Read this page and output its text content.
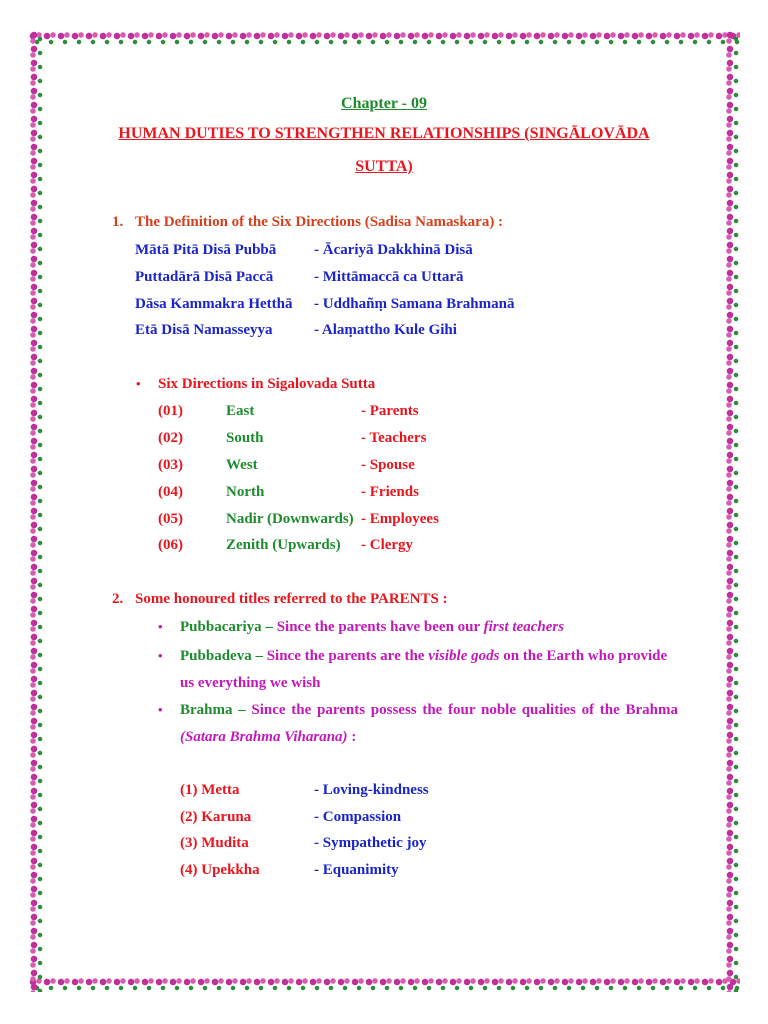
Chapter - 09
HUMAN DUTIES TO STRENGTHEN RELATIONSHIPS (SINGĀLOVĀDA
SUTTA)
1. The Definition of the Six Directions (Sadisa Namaskara) :
Mātā Pitā Disā Pubbā	- Ācariyā Dakkhinā Disā
Puttadārā Disā Paccā	- Mittāmaccā ca Uttarā
Dāsa Kammakra Hetthā - Uddhañṃ Samana Brahmanā
Etā Disā Namasseyya	- Alaṃattho Kule Gihi
• Six Directions in Sigalovada Sutta
(01)	East	- Parents
(02)	South	- Teachers
(03)	West	- Spouse
(04)	North	- Friends
(05)	Nadir (Downwards) - Employees
(06)	Zenith (Upwards) - Clergy
2. Some honoured titles referred to the PARENTS :
• Pubbacariya – Since the parents have been our first teachers
• Pubbadeva – Since the parents are the visible gods on the Earth who provide
us everything we wish
• Brahma – Since the parents possess the four noble qualities of the Brahma
(Satara Brahma Viharana) :
(1) Metta	- Loving-kindness
(2) Karuna	- Compassion
(3) Mudita	- Sympathetic joy
(4) Upekkha	- Equanimity
